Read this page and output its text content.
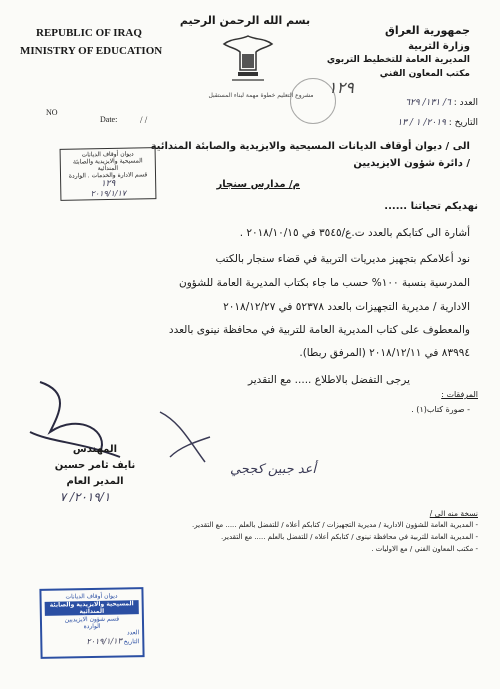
بسم الله الرحمن الرحيم
REPUBLIC OF IRAQ
MINISTRY OF EDUCATION
جمهورية العراق
وزارة التربية
المديرية العامة للتخطيط التربوي
مكتب المعاون الفني
مشروع التعليم خطوة مهمة لبناء المستقبل ١٢٩
NO
Date:	/ /
العدد : ٦/ ١٣١/ ٦٢٩
التاريخ : ٢٠١٩/ ١ / ١٣
الى / ديوان أوقاف الديانات المسيحية والايزيدية والصابئة المندائية
/ دائرة شؤون الايزيديين
م/ مدارس سنجار
نهديكم تحياتنا ......
ديوان أوقاف الديانات
المسيحية والايزيدية والصابئة المندائية
قسم الادارة والخدمات . الواردة
١٢٩
٢٠١٩/١/١٧
أشارة الى كتابكم بالعدد ت.ع/٣٥٤٥ في ٢٠١٨/١٠/١٥ .
نود أعلامكم بتجهيز مديريات التربية في قضاء سنجار بالكتب
المدرسية بنسبة ١٠٠% حسب ما جاء بكتاب المديرية العامة للشؤون
الادارية / مديرية التجهيزات بالعدد ٥٢٣٧٨ في ٢٠١٨/١٢/٢٧
والمعطوف على كتاب المديرية العامة للتربية في محافظة نينوى بالعدد
٨٣٩٩٤ في ٢٠١٨/١٢/١١ (المرفق ربطا).
يرجى التفضل بالاطلاع ..... مع التقدير
المرفقات :
- صورة كتاب(١) .
المهندس
نايف ثامر حسين
المدير العام
٢٠١٩/١/ ٧
أعد جبين كججي
نسخة منه الى /
- المديرية العامة للشؤون الادارية / مديرية التجهيزات / كتابكم أعلاه / للتفضل بالعلم ..... مع التقدير.
- المديرية العامة للتربية في محافظة نينوى / كتابكم أعلاه / للتفضل بالعلم ..... مع التقدير.
- مكتب المعاون الفني / مع الاوليات .
ديوان أوقاف الديانات
المسيحية والايزيدية والصابئة المندائية
قسم شؤون الايزيديين
الواردة
العدد
التاريخ ٢٠١٩/١/١٣
